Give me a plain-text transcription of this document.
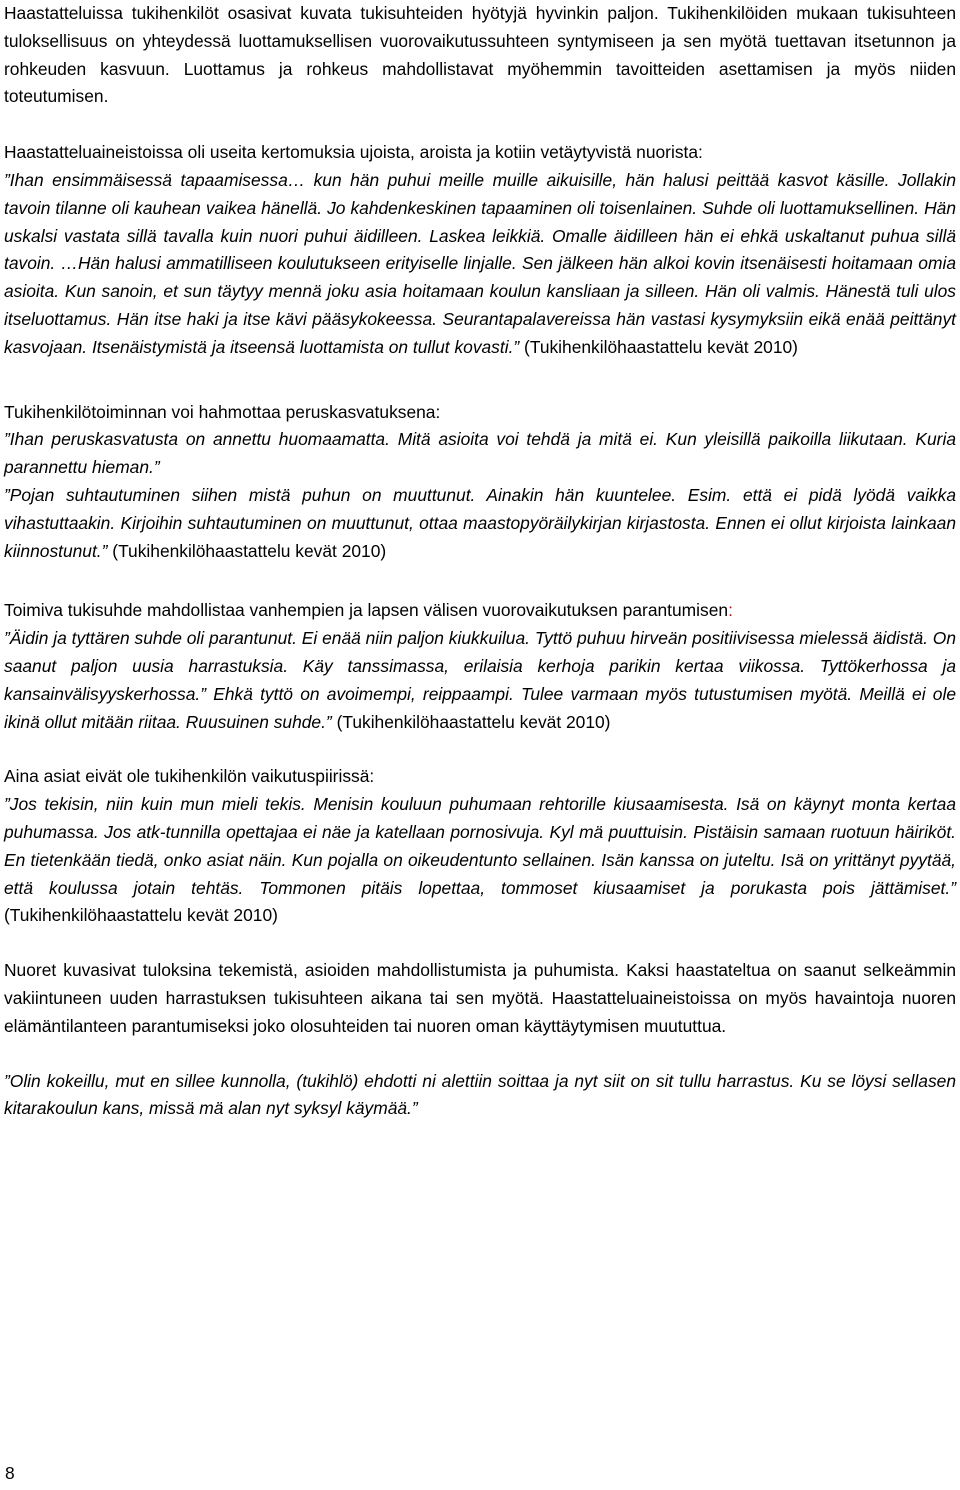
Haastatteluissa tukihenkilöt osasivat kuvata tukisuhteiden hyötyjä hyvinkin paljon. Tukihenkilöiden mukaan tukisuhteen tuloksellisuus on yhteydessä luottamuksellisen vuorovaikutussuhteen syntymiseen ja sen myötä tuettavan itsetunnon ja rohkeuden kasvuun. Luottamus ja rohkeus mahdollistavat myöhemmin tavoitteiden asettamisen ja myös niiden toteutumisen.

Haastatteluaineistoissa oli useita kertomuksia ujoista, aroista ja kotiin vetäytyvistä nuorista:

”Ihan ensimmäisessä tapaamisessa… kun hän puhui meille muille aikuisille, hän halusi peittää kasvot käsille. Jollakin tavoin tilanne oli kauhean vaikea hänellä. Jo kahdenkeskinen tapaaminen oli toisenlainen. Suhde oli luottamuksellinen. Hän uskalsi vastata sillä tavalla kuin nuori puhui äidilleen. Laskea leikkiä. Omalle äidilleen hän ei ehkä uskaltanut puhua sillä tavoin. …Hän halusi ammatilliseen koulutukseen erityiselle linjalle. Sen jälkeen hän alkoi kovin itsenäisesti hoitamaan omia asioita. Kun sanoin, et sun täytyy mennä joku asia hoitamaan koulun kansliaan ja silleen. Hän oli valmis. Hänestä tuli ulos itseluottamus. Hän itse haki ja itse kävi pääsykokeessa. Seurantapalavereissa hän vastasi kysymyksiin eikä enää peittänyt kasvojaan. Itsenäistymistä ja itseensä luottamista on tullut kovasti.” (Tukihenkilöhaastattelu kevät 2010)

Tukihenkilötoiminnan voi hahmottaa peruskasvatuksena:

”Ihan peruskasvatusta on annettu huomaamatta. Mitä asioita voi tehdä ja mitä ei. Kun yleisillä paikoilla liikutaan. Kuria parannettu hieman.”

”Pojan suhtautuminen siihen mistä puhun on muuttunut. Ainakin hän kuuntelee. Esim. että ei pidä lyödä vaikka vihastuttaakin. Kirjoihin suhtautuminen on muuttunut, ottaa maastopyöräilykirjan kirjastosta. Ennen ei ollut kirjoista lainkaan kiinnostunut.” (Tukihenkilöhaastattelu kevät 2010)

Toimiva tukisuhde mahdollistaa vanhempien ja lapsen välisen vuorovaikutuksen parantumisen:

”Äidin ja tyttären suhde oli parantunut. Ei enää niin paljon kiukkuilua. Tyttö puhuu hirveän positiivisessa mielessä äidistä. On saanut paljon uusia harrastuksia. Käy tanssimassa, erilaisia kerhoja parikin kertaa viikossa. Tyttökerhossa ja kansainvälisyyskerhossa.” Ehkä tyttö on avoimempi, reippaampi. Tulee varmaan myös tutustumisen myötä. Meillä ei ole ikinä ollut mitään riitaa. Ruusuinen suhde.” (Tukihenkilöhaastattelu kevät 2010)

Aina asiat eivät ole tukihenkilön vaikutuspiirissä:

”Jos tekisin, niin kuin mun mieli tekis. Menisin kouluun puhumaan rehtorille kiusaamisesta. Isä on käynyt monta kertaa puhumassa. Jos atk-tunnilla opettajaa ei näe ja katellaan pornosivuja. Kyl mä puuttuisin. Pistäisin samaan ruotuun häiriköt. En tietenkään tiedä, onko asiat näin. Kun pojalla on oikeudentunto sellainen. Isän kanssa on juteltu. Isä on yrittänyt pyytää, että koulussa jotain tehtäs. Tommonen pitäis lopettaa, tommoset kiusaamiset ja porukasta pois jättämiset.” (Tukihenkilöhaastattelu kevät 2010)

Nuoret kuvasivat tuloksina tekemistä, asioiden mahdollistumista ja puhumista. Kaksi haastateltua on saanut selkeämmin vakiintuneen uuden harrastuksen tukisuhteen aikana tai sen myötä. Haastatteluaineistoissa on myös havaintoja nuoren elämäntilanteen parantumiseksi joko olosuhteiden tai nuoren oman käyttäytymisen muututtua.

”Olin kokeillu, mut en sillee kunnolla, (tukihlö) ehdotti ni alettiin soittaa ja nyt siit on sit tullu harrastus. Ku se löysi sellasen kitarakoulun kans, missä mä alan nyt syksyl käymää.”

8
